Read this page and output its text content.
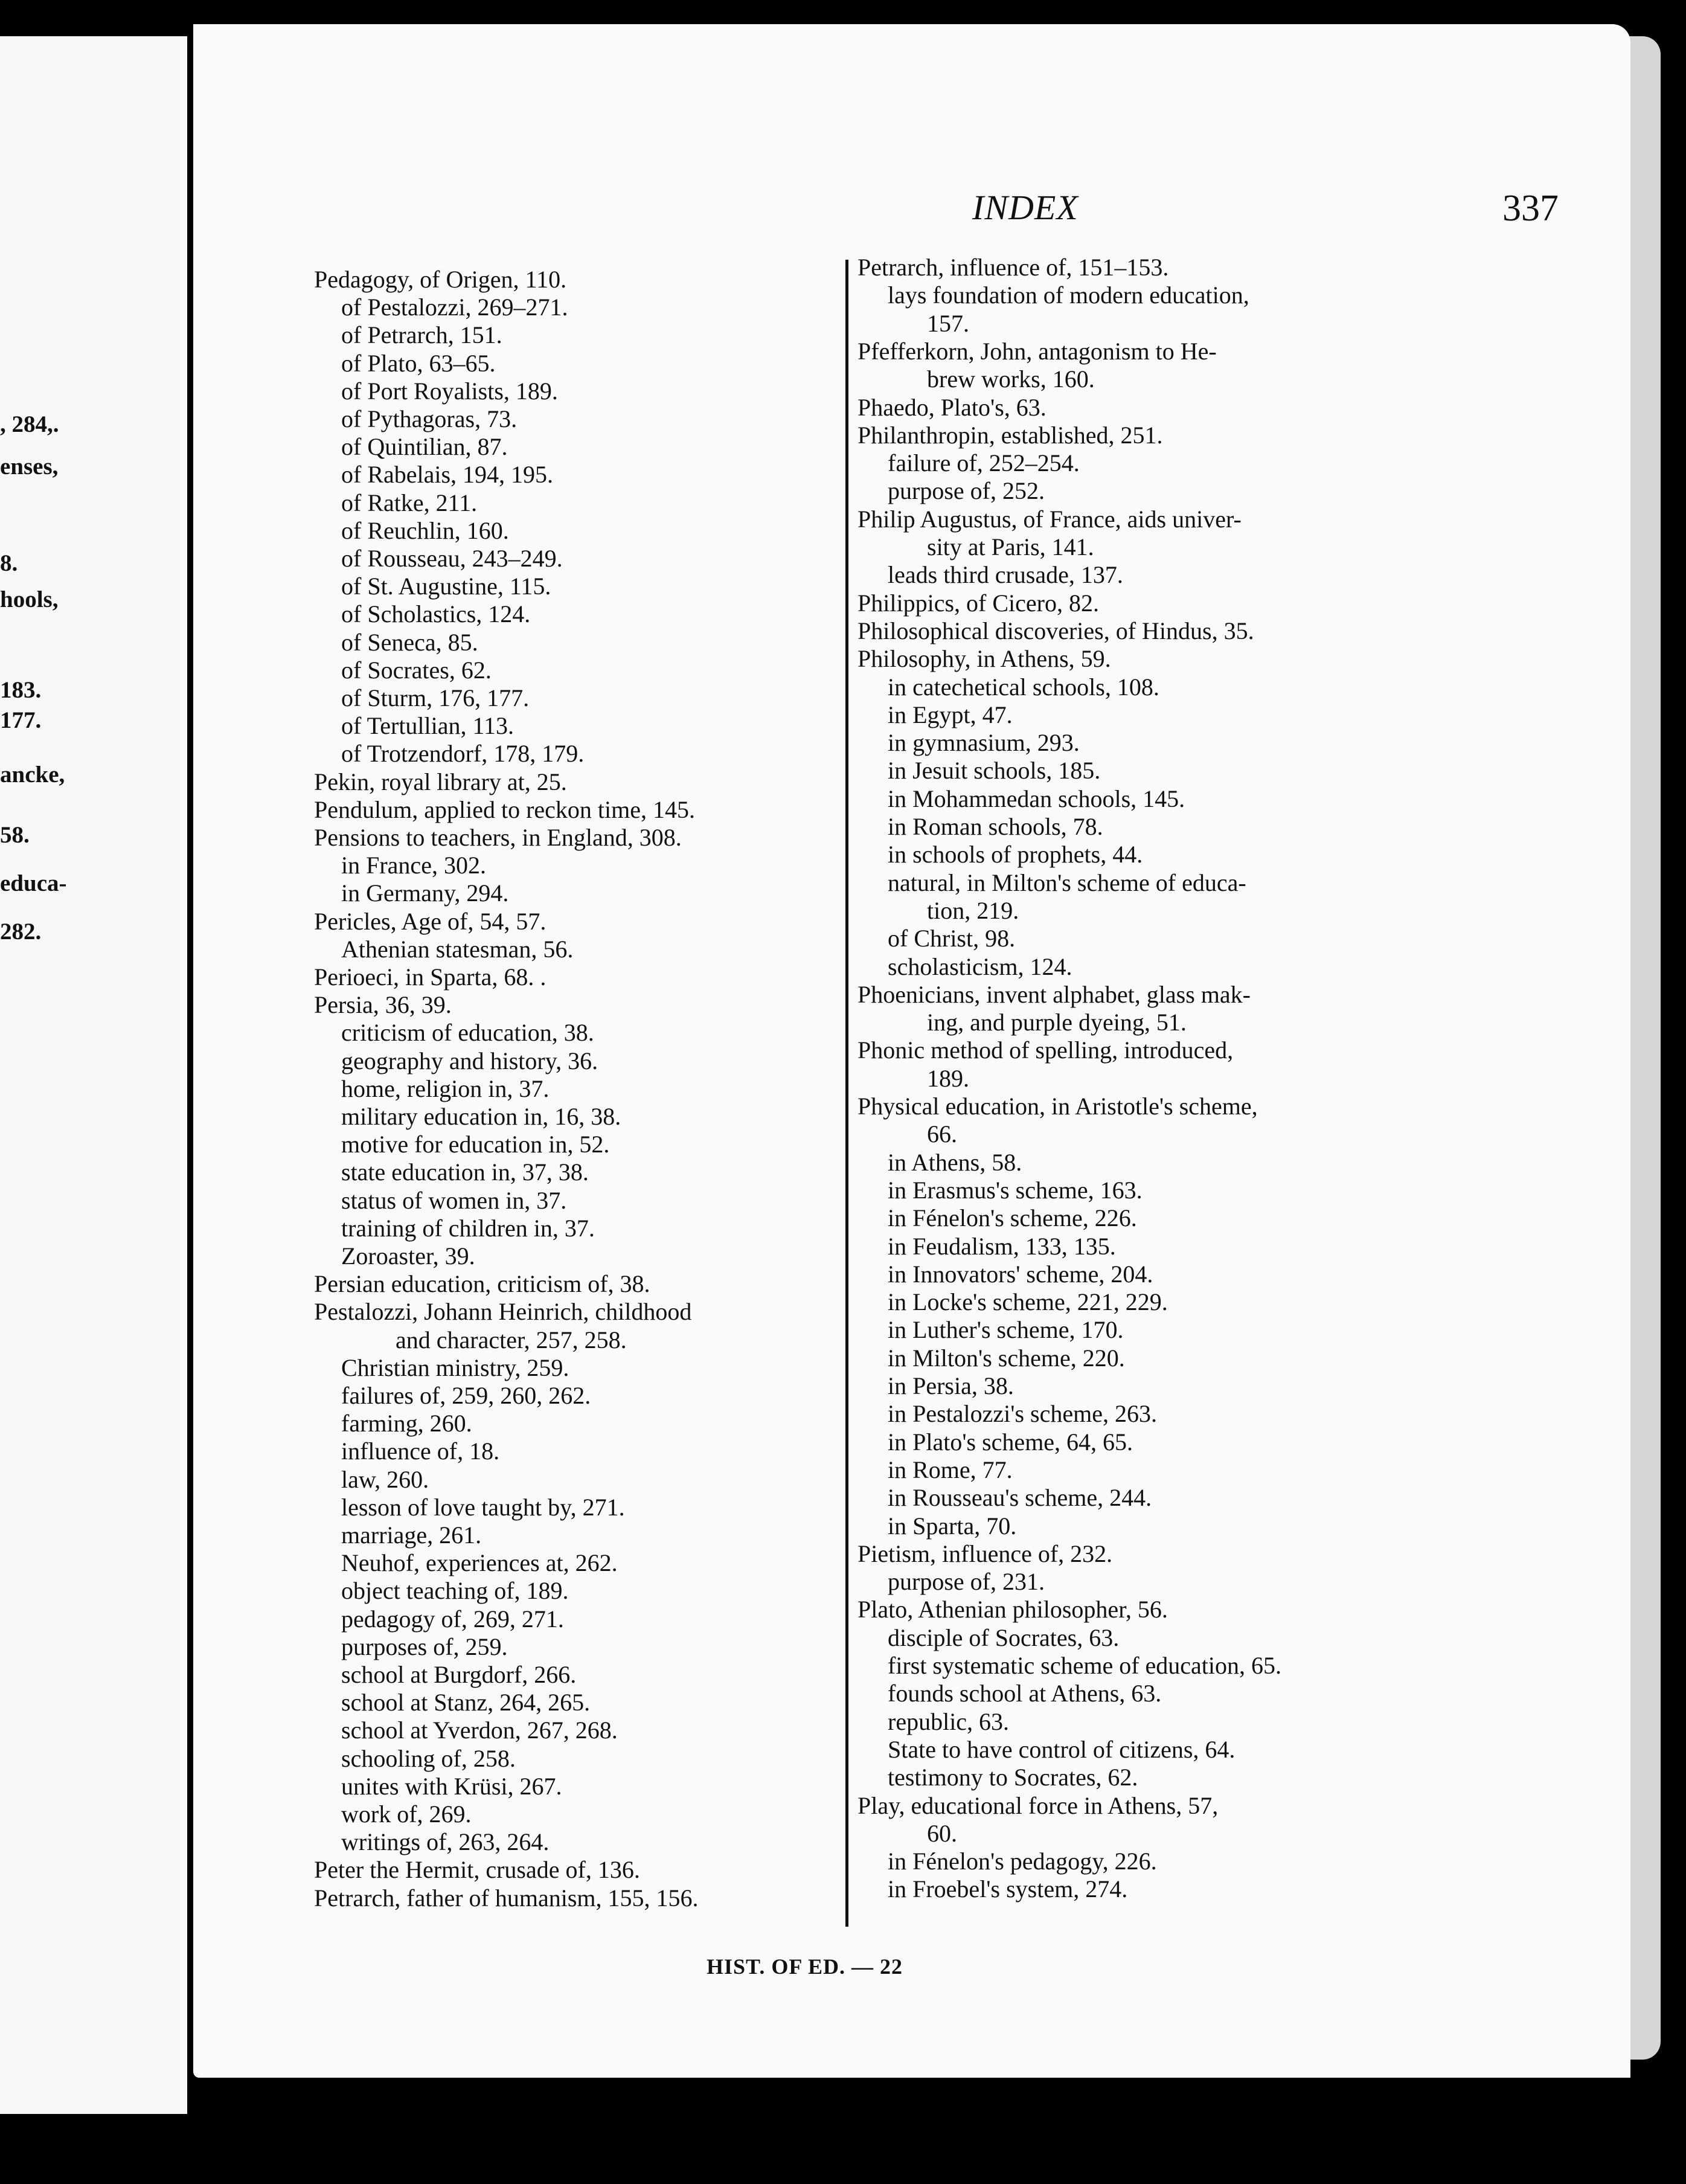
, 284,.
enses,
8.
hools,
183.
177.
ancke,
58.
educa-
282.
INDEX	337
HIST. OF ED. — 22
Pedagogy, of Origen, 110.
of Pestalozzi, 269–271.
of Petrarch, 151.
of Plato, 63–65.
of Port Royalists, 189.
of Pythagoras, 73.
of Quintilian, 87.
of Rabelais, 194, 195.
of Ratke, 211.
of Reuchlin, 160.
of Rousseau, 243–249.
of St. Augustine, 115.
of Scholastics, 124.
of Seneca, 85.
of Socrates, 62.
of Sturm, 176, 177.
of Tertullian, 113.
of Trotzendorf, 178, 179.
Pekin, royal library at, 25.
Pendulum, applied to reckon time, 145.
Pensions to teachers, in England, 308.
in France, 302.
in Germany, 294.
Pericles, Age of, 54, 57.
Athenian statesman, 56.
Perioeci, in Sparta, 68. .
Persia, 36, 39.
criticism of education, 38.
geography and history, 36.
home, religion in, 37.
military education in, 16, 38.
motive for education in, 52.
state education in, 37, 38.
status of women in, 37.
training of children in, 37.
Zoroaster, 39.
Persian education, criticism of, 38.
Pestalozzi, Johann Heinrich, childhood
and character, 257, 258.
Christian ministry, 259.
failures of, 259, 260, 262.
farming, 260.
influence of, 18.
law, 260.
lesson of love taught by, 271.
marriage, 261.
Neuhof, experiences at, 262.
object teaching of, 189.
pedagogy of, 269, 271.
purposes of, 259.
school at Burgdorf, 266.
school at Stanz, 264, 265.
school at Yverdon, 267, 268.
schooling of, 258.
unites with Krüsi, 267.
work of, 269.
writings of, 263, 264.
Peter the Hermit, crusade of, 136.
Petrarch, father of humanism, 155, 156.
Petrarch, influence of, 151–153.
lays foundation of modern education,
157.
Pfefferkorn, John, antagonism to He-
brew works, 160.
Phaedo, Plato's, 63.
Philanthropin, established, 251.
failure of, 252–254.
purpose of, 252.
Philip Augustus, of France, aids univer-
sity at Paris, 141.
leads third crusade, 137.
Philippics, of Cicero, 82.
Philosophical discoveries, of Hindus, 35.
Philosophy, in Athens, 59.
in catechetical schools, 108.
in Egypt, 47.
in gymnasium, 293.
in Jesuit schools, 185.
in Mohammedan schools, 145.
in Roman schools, 78.
in schools of prophets, 44.
natural, in Milton's scheme of educa-
tion, 219.
of Christ, 98.
scholasticism, 124.
Phoenicians, invent alphabet, glass mak-
ing, and purple dyeing, 51.
Phonic method of spelling, introduced,
189.
Physical education, in Aristotle's scheme,
66.
in Athens, 58.
in Erasmus's scheme, 163.
in Fénelon's scheme, 226.
in Feudalism, 133, 135.
in Innovators' scheme, 204.
in Locke's scheme, 221, 229.
in Luther's scheme, 170.
in Milton's scheme, 220.
in Persia, 38.
in Pestalozzi's scheme, 263.
in Plato's scheme, 64, 65.
in Rome, 77.
in Rousseau's scheme, 244.
in Sparta, 70.
Pietism, influence of, 232.
purpose of, 231.
Plato, Athenian philosopher, 56.
disciple of Socrates, 63.
first systematic scheme of education, 65.
founds school at Athens, 63.
republic, 63.
State to have control of citizens, 64.
testimony to Socrates, 62.
Play, educational force in Athens, 57,
60.
in Fénelon's pedagogy, 226.
in Froebel's system, 274.
